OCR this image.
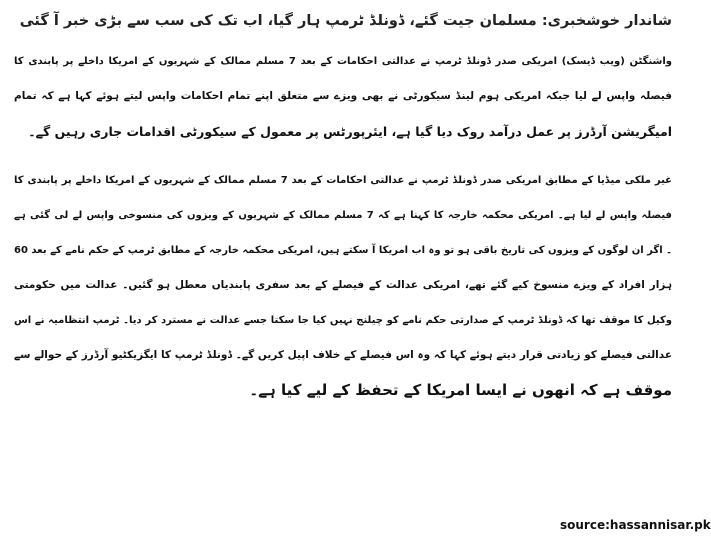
شاندار خوشخبری: مسلمان جیت گئے، ڈونلڈ ٹرمپ ہار گیا، اب تک کی سب سے بڑی خبر آ گئی
واشنگٹن (ویب ڈیسک) امریکی صدر ڈونلڈ ٹرمپ نے عدالتی احکامات کے بعد 7 مسلم ممالک کے شہریوں کے امریکا داخلے پر پابندی کا
فیصلہ واپس لے لیا جبکہ امریکی ہوم لینڈ سیکورٹی نے بھی ویزے سے متعلق اپنے تمام احکامات واپس لیتے ہوئے کہا ہے کہ تمام
امیگریشن آرڈرز پر عمل درآمد روک دیا گیا ہے، ایئرپورٹس پر معمول کے سیکورٹی اقدامات جاری رہیں گے۔
غیر ملکی میڈیا کے مطابق امریکی صدر ڈونلڈ ٹرمپ نے عدالتی احکامات کے بعد 7 مسلم ممالک کے شہریوں کے امریکا داخلے پر پابندی کا
فیصلہ واپس لے لیا ہے۔ امریکی محکمہ خارجہ کا کہنا ہے کہ 7 مسلم ممالک کے شہریوں کے ویزوں کی منسوخی واپس لے لی گئی ہے
۔ اگر ان لوگوں کے ویزوں کی تاریخ باقی ہو تو وہ اب امریکا آ سکتے ہیں، امریکی محکمہ خارجہ کے مطابق ٹرمپ کے حکم نامے کے بعد 60
ہزار افراد کے ویزے منسوخ کیے گئے تھے، امریکی عدالت کے فیصلے کے بعد سفری پابندیاں معطل ہو گئیں۔ عدالت میں حکومتی
وکیل کا موقف تھا کہ ڈونلڈ ٹرمپ کے صدارتی حکم نامے کو چیلنج نہیں کیا جا سکتا جسے عدالت نے مسترد کر دیا۔ ٹرمپ انتظامیہ نے اس
عدالتی فیصلے کو زیادتی قرار دیتے ہوئے کہا کہ وہ اس فیصلے کے خلاف اپیل کریں گے۔ ڈونلڈ ٹرمپ کا ایگزیکٹیو آرڈرز کے حوالے سے
موقف ہے کہ انھوں نے ایسا امریکا کے تحفظ کے لیے کیا ہے۔
source:hassannisar.pk
